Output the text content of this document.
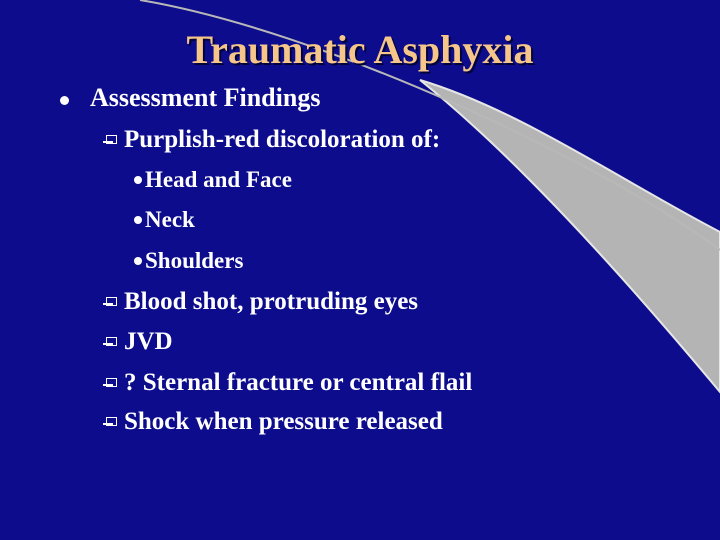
Traumatic Asphyxia
Assessment Findings
Purplish-red discoloration of:
Head and Face
Neck
Shoulders
Blood shot, protruding eyes
JVD
? Sternal fracture or central flail
Shock when pressure released
